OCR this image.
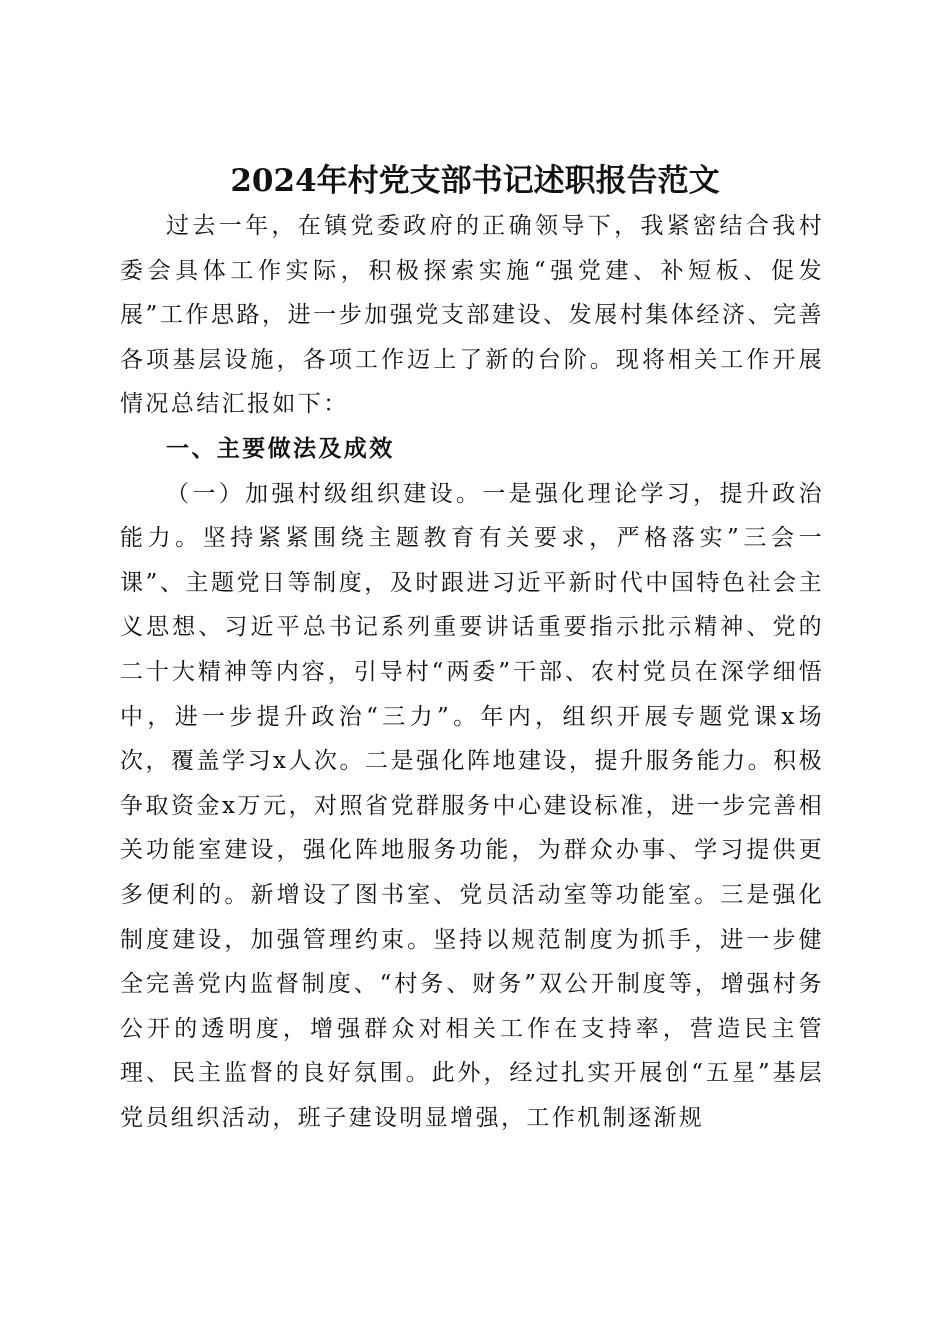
2024年村党支部书记述职报告范文

过去一年，在镇党委政府的正确领导下，我紧密结合我村委会具体工作实际，积极探索实施“强党建、补短板、促发展”工作思路，进一步加强党支部建设、发展村集体经济、完善各项基层设施，各项工作迈上了新的台阶。现将相关工作开展情况总结汇报如下：

一、主要做法及成效

（一）加强村级组织建设。一是强化理论学习，提升政治能力。坚持紧紧围绕主题教育有关要求，严格落实”三会一课”、主题党日等制度，及时跟进习近平新时代中国特色社会主义思想、习近平总书记系列重要讲话重要指示批示精神、党的二十大精神等内容，引导村“两委”干部、农村党员在深学细悟中，进一步提升政治“三力”。年内，组织开展专题党课x场次，覆盖学习x人次。二是强化阵地建设，提升服务能力。积极争取资金x万元，对照省党群服务中心建设标准，进一步完善相关功能室建设，强化阵地服务功能，为群众办事、学习提供更多便利的。新增设了图书室、党员活动室等功能室。三是强化制度建设，加强管理约束。坚持以规范制度为抓手，进一步健全完善党内监督制度、“村务、财务”双公开制度等，增强村务公开的透明度，增强群众对相关工作在支持率，营造民主管理、民主监督的良好氛围。此外，经过扎实开展创“五星”基层党员组织活动，班子建设明显增强，工作机制逐渐规
